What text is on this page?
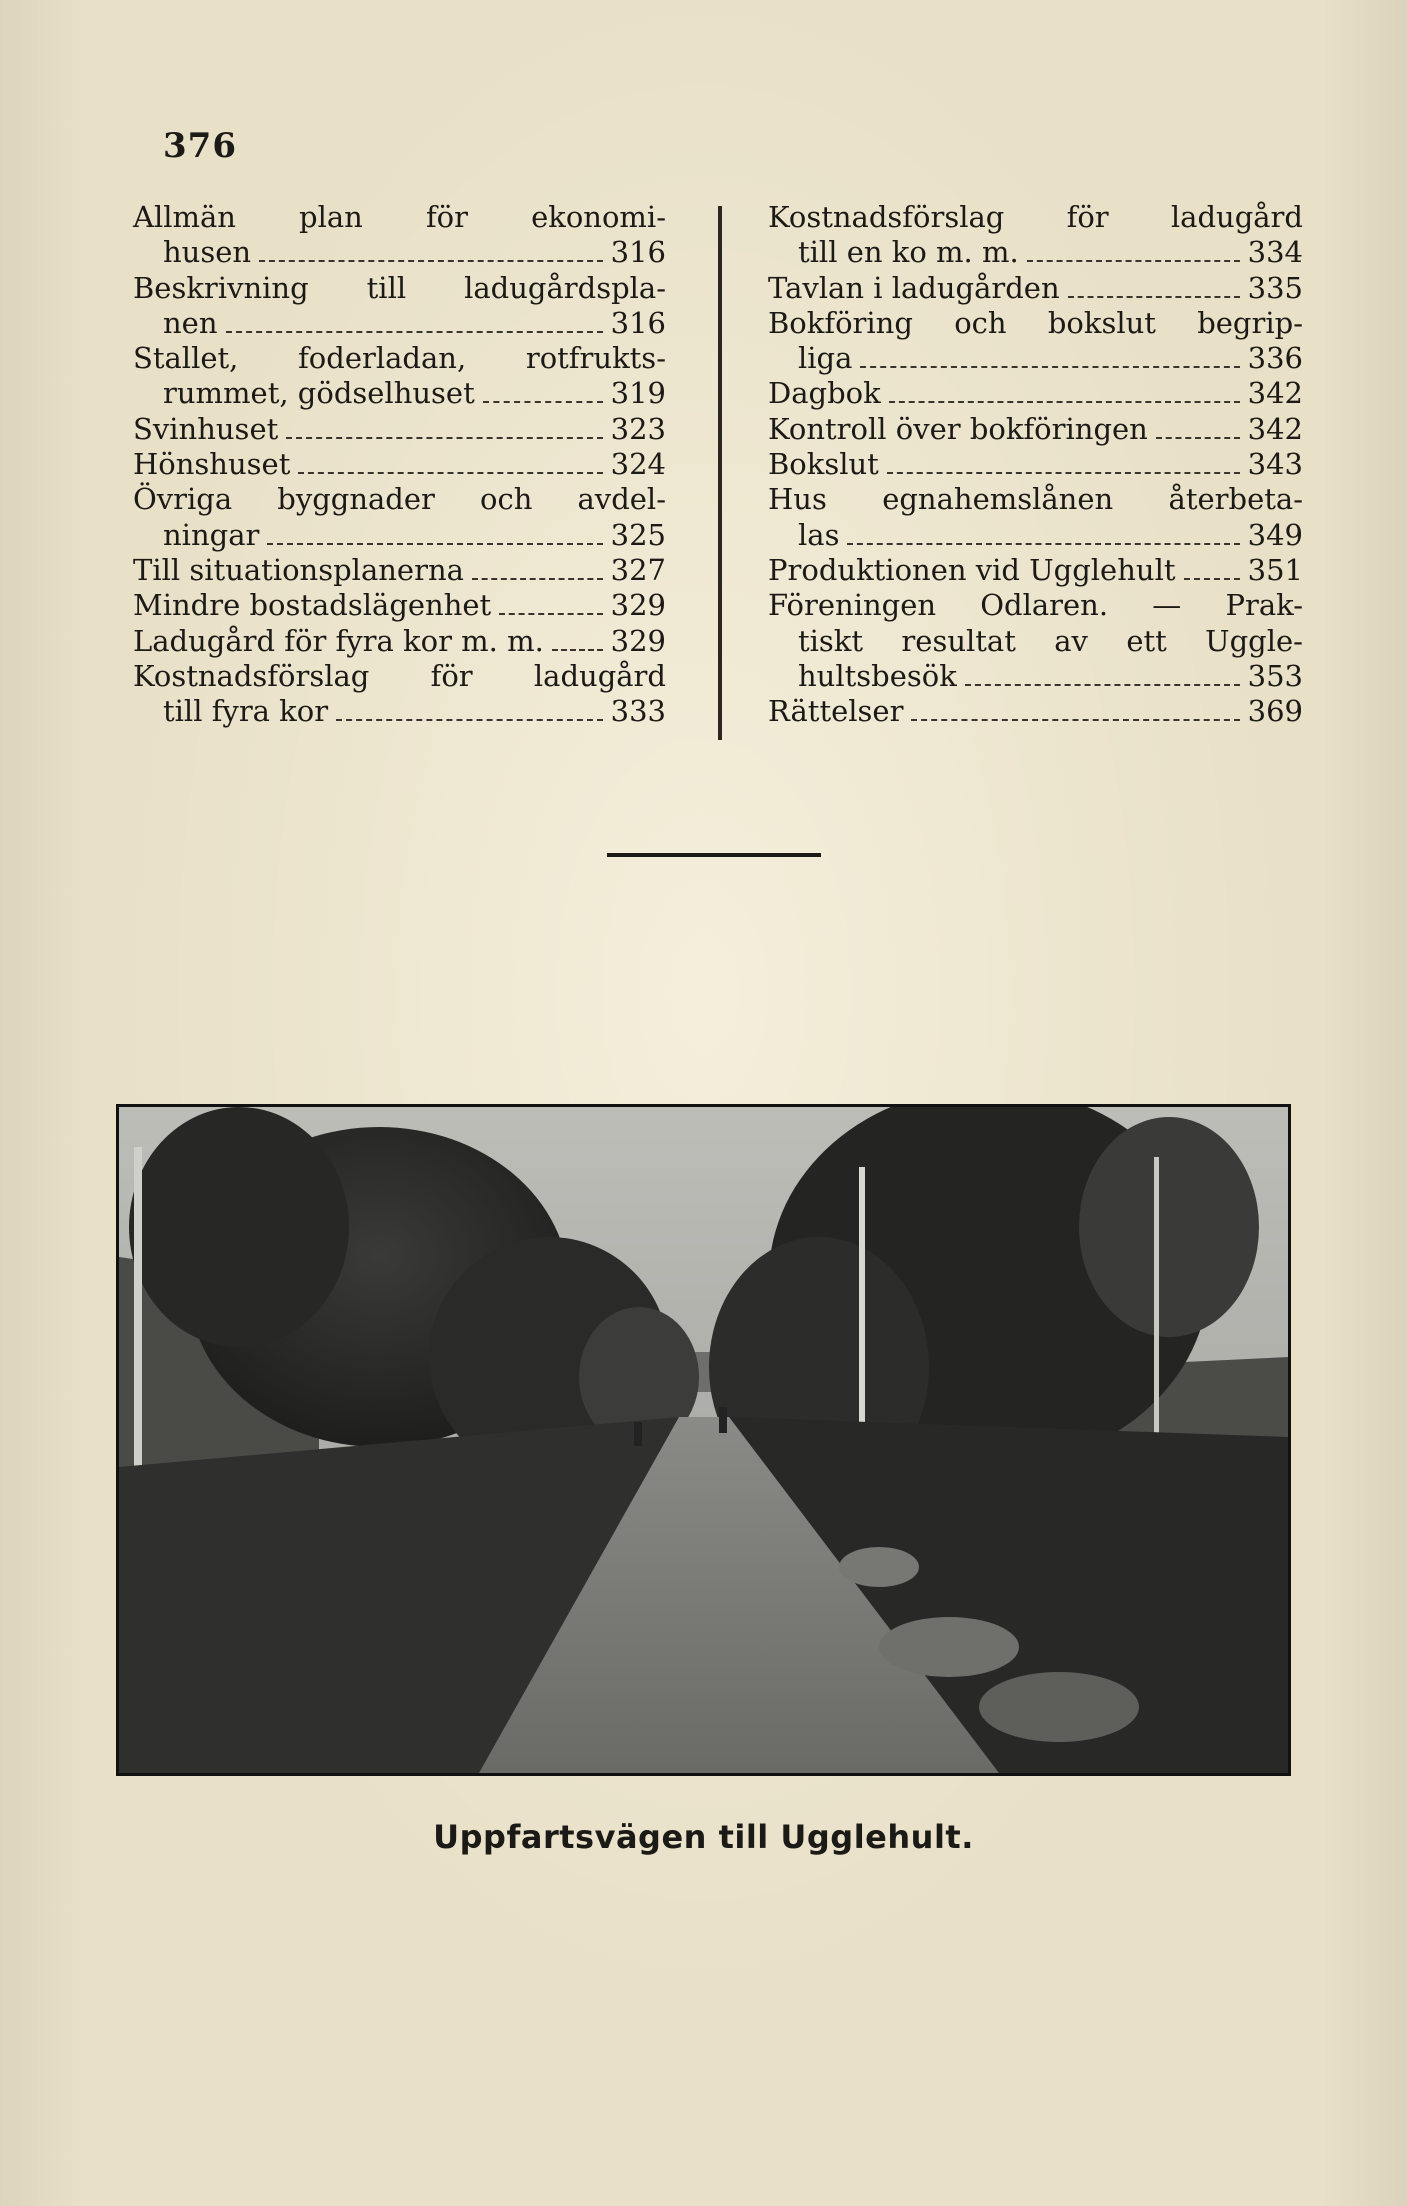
376
Allmän plan för ekonomi-
husen	316
Beskrivning till ladugårdspla-
nen	316
Stallet, foderladan, rotfrukts-
rummet, gödselhuset	319
Svinhuset	323
Hönshuset	324
Övriga byggnader och avdel-
ningar	325
Till situationsplanerna	327
Mindre bostadslägenhet	329
Ladugård för fyra kor m. m. 329
Kostnadsförslag för ladugård
till fyra kor	333
Kostnadsförslag för ladugård
till en ko m. m.	334
Tavlan i ladugården	335
Bokföring och bokslut begrip-
liga	336
Dagbok	342
Kontroll över bokföringen	342
Bokslut	343
Hus egnahemslånen återbeta-
las	349
Produktionen vid Ugglehult 351
Föreningen Odlaren. — Prak-
tiskt resultat av ett Uggle-
hultsbesök	353
Rättelser	369
Uppfartsvägen till Ugglehult.
